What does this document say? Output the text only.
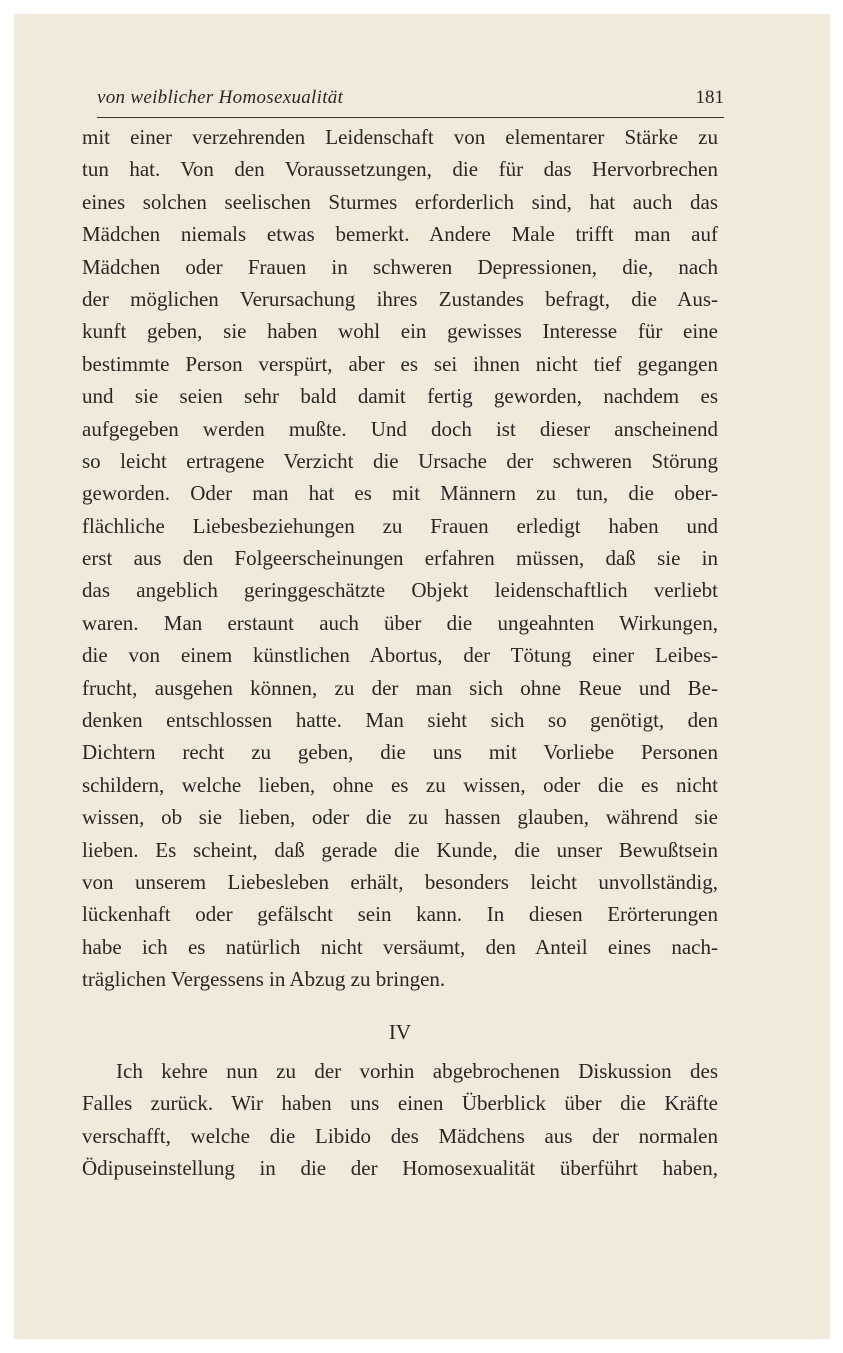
von weiblicher Homosexualität	181
mit einer verzehrenden Leidenschaft von elementarer Stärke zu
tun hat. Von den Voraussetzungen, die für das Hervorbrechen
eines solchen seelischen Sturmes erforderlich sind, hat auch das
Mädchen niemals etwas bemerkt. Andere Male trifft man auf
Mädchen oder Frauen in schweren Depressionen, die, nach
der möglichen Verursachung ihres Zustandes befragt, die Aus-
kunft geben, sie haben wohl ein gewisses Interesse für eine
bestimmte Person verspürt, aber es sei ihnen nicht tief gegangen
und sie seien sehr bald damit fertig geworden, nachdem es
aufgegeben werden mußte. Und doch ist dieser anscheinend
so leicht ertragene Verzicht die Ursache der schweren Störung
geworden. Oder man hat es mit Männern zu tun, die ober-
flächliche Liebesbeziehungen zu Frauen erledigt haben und
erst aus den Folgeerscheinungen erfahren müssen, daß sie in
das angeblich geringgeschätzte Objekt leidenschaftlich verliebt
waren. Man erstaunt auch über die ungeahnten Wirkungen,
die von einem künstlichen Abortus, der Tötung einer Leibes-
frucht, ausgehen können, zu der man sich ohne Reue und Be-
denken entschlossen hatte. Man sieht sich so genötigt, den
Dichtern recht zu geben, die uns mit Vorliebe Personen
schildern, welche lieben, ohne es zu wissen, oder die es nicht
wissen, ob sie lieben, oder die zu hassen glauben, während sie
lieben. Es scheint, daß gerade die Kunde, die unser Bewußtsein
von unserem Liebesleben erhält, besonders leicht unvollständig,
lückenhaft oder gefälscht sein kann. In diesen Erörterungen
habe ich es natürlich nicht versäumt, den Anteil eines nach-
träglichen Vergessens in Abzug zu bringen.
IV
Ich kehre nun zu der vorhin abgebrochenen Diskussion des
Falles zurück. Wir haben uns einen Überblick über die Kräfte
verschafft, welche die Libido des Mädchens aus der normalen
Ödipuseinstellung in die der Homosexualität überführt haben,
